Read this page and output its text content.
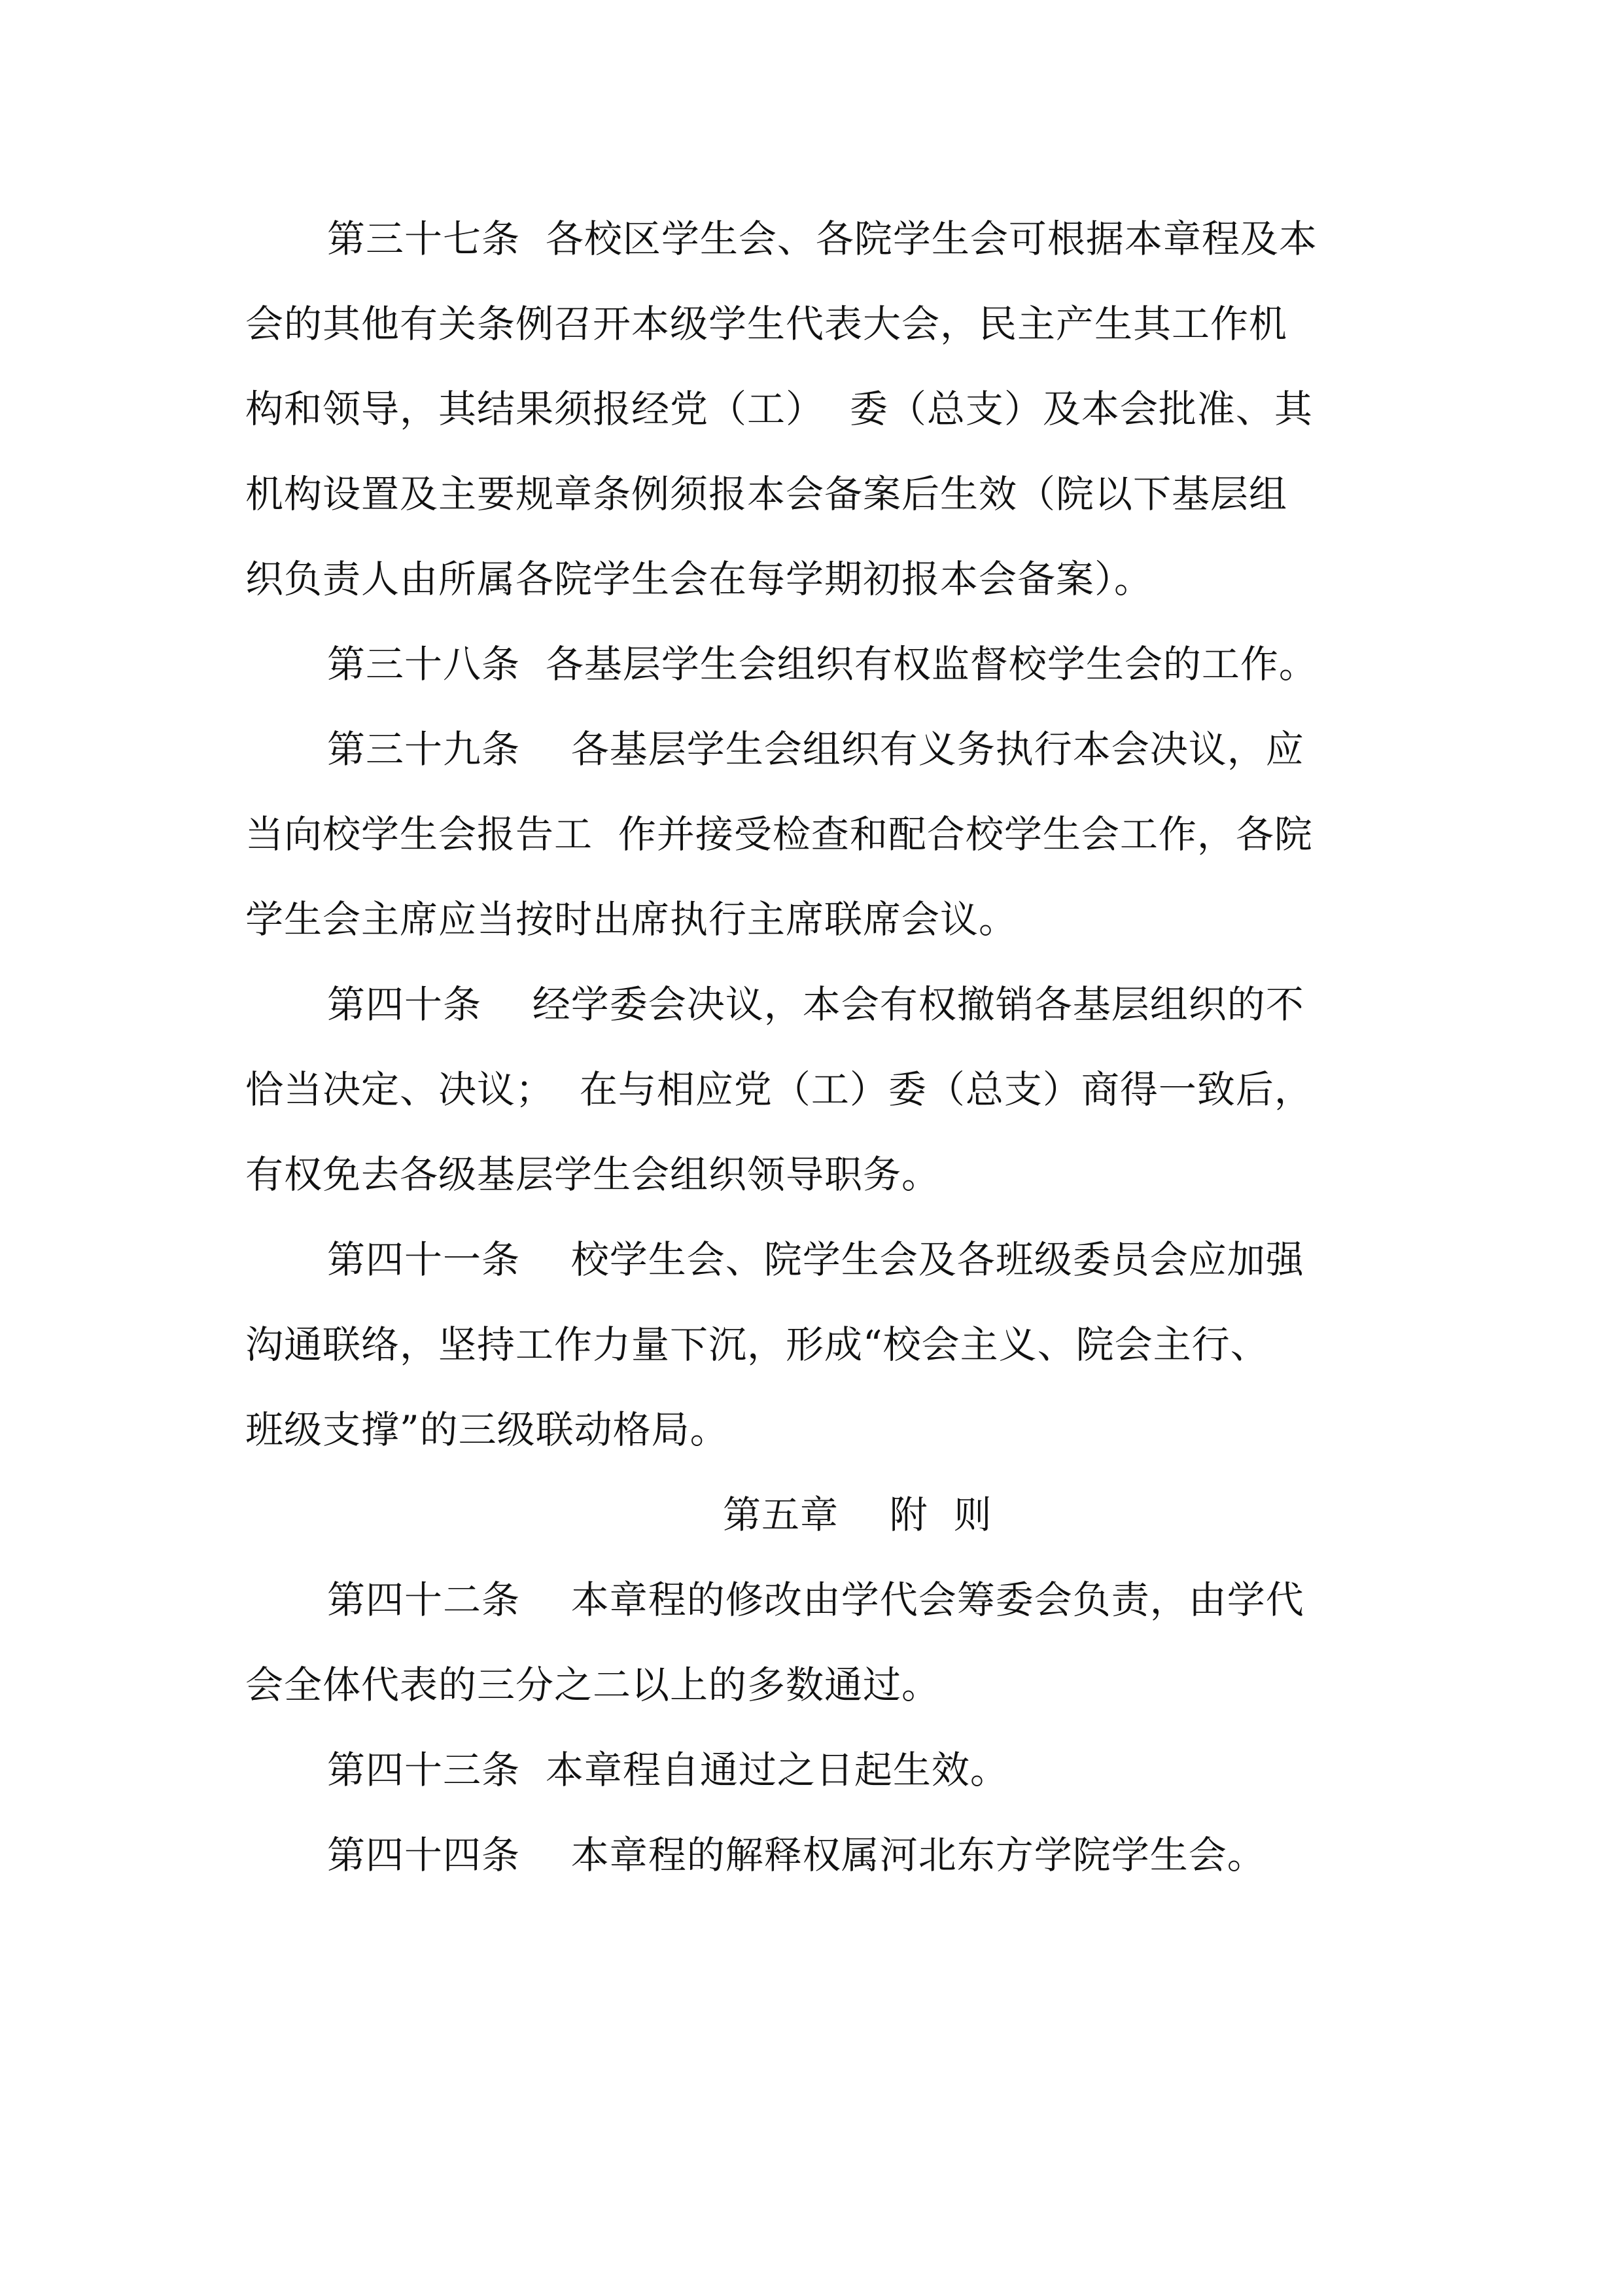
第三十七条  各校区学生会、各院学生会可根据本章程及本
会的其他有关条例召开本级学生代表大会，民主产生其工作机
构和领导，其结果须报经党（工）  委（总支）及本会批准、其
机构设置及主要规章条例须报本会备案后生效（院以下基层组
织负责人由所属各院学生会在每学期初报本会备案）。
第三十八条  各基层学生会组织有权监督校学生会的工作。
第三十九条    各基层学生会组织有义务执行本会决议，应
当向校学生会报告工  作并接受检查和配合校学生会工作，各院
学生会主席应当按时出席执行主席联席会议。
第四十条    经学委会决议，本会有权撤销各基层组织的不
恰当决定、决议；  在与相应党（工）委（总支）商得一致后，
有权免去各级基层学生会组织领导职务。
第四十一条    校学生会、院学生会及各班级委员会应加强
沟通联络，坚持工作力量下沉，形成“校会主义、院会主行、
班级支撑”的三级联动格局。
第五章    附  则
第四十二条    本章程的修改由学代会筹委会负责，由学代
会全体代表的三分之二以上的多数通过。
第四十三条  本章程自通过之日起生效。
第四十四条    本章程的解释权属河北东方学院学生会。
